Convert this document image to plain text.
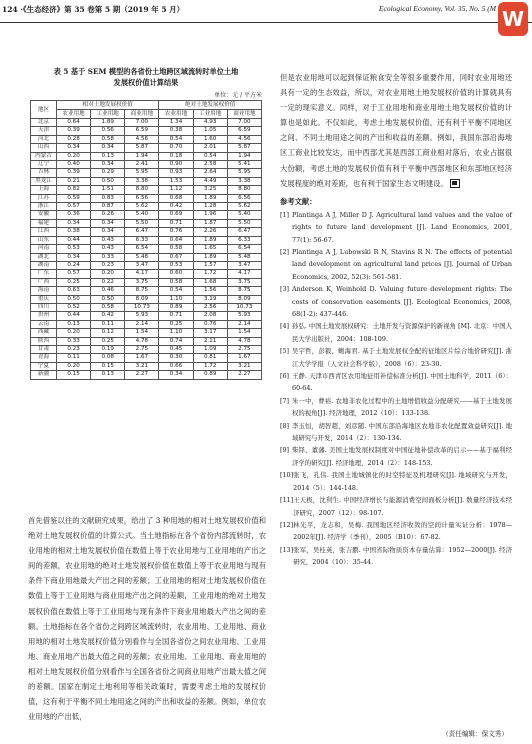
124 ·《生态经济》第 35 卷第 5 期（2019 年 5 月）	Ecological Economy, Vol. 35, No. 5 (M W
表 5 基于 SEM 模型的各省份土地跨区域流转时单位土地
发展权价值计算结果
单位：元 / 平方米
地区	相对土地发展权价值			绝对土地发展权价值		
	农业用地	工业用地	商业用地	农业用地	工业用地	商业用地
北京	0.64	1.89	7.00	1.34	4.93	7.00
天津	0.39	0.56	6.59	0.38	1.05	6.59
河北	0.28	0.58	4.56	0.54	1.60	4.56
山西	0.34	0.34	5.87	0.70	2.01	5.87
内蒙古	0.20	0.13	1.94	0.18	0.54	1.94
辽宁	0.40	0.34	2.41	0.90	2.58	5.41
吉林	0.39	0.29	5.95	0.93	2.64	5.95
黑龙江	0.21	0.50	3.38	1.53	4.49	3.38
上海	0.82	1.51	8.80	1.12	3.25	8.80
江苏	0.59	0.83	6.56	0.68	1.89	6.56
浙江	0.57	0.87	5.62	0.42	1.28	5.62
安徽	0.36	0.26	5.40	0.69	1.96	5.40
福建	0.34	0.34	5.50	0.71	1.87	5.50
江西	0.38	0.34	6.47	0.76	2.26	6.47
山东	0.44	0.43	6.33	0.64	1.89	6.33
河南	0.53	0.43	6.54	0.58	1.65	6.54
湖北	0.34	0.33	5.48	0.67	1.89	5.48
湖南	0.24	0.23	3.47	0.53	1.57	3.47
广东	0.57	0.20	4.17	0.60	1.72	4.17
广西	0.25	0.22	3.75	0.58	1.68	3.75
海南	0.63	0.46	8.75	0.54	1.56	8.75
重庆	0.50	0.50	8.09	1.10	3.19	8.09
四川	0.52	0.58	10.73	0.89	2.56	10.73
贵州	0.44	0.42	5.93	0.71	2.08	5.93
云南	0.13	0.11	2.14	0.25	0.76	2.14
西藏	0.20	0.12	1.54	1.10	3.17	1.54
陕西	0.33	0.25	4.78	0.74	2.11	4.78
甘肃	0.23	0.19	2.75	0.45	1.09	2.75
青海	0.11	0.08	1.67	0.30	0.81	1.67
宁夏	0.20	0.15	3.21	0.66	1.72	3.21
新疆	0.15	0.13	2.27	0.34	0.89	2.27
首先借鉴以往的文献研究成果，给出了 3 种用地的相对土地发展权价值和绝对土地发展权价值的计算公式。当土地指标在各个省份内部流转时，农业用地的相对土地发展权价值在数值上等于农业用地与工业用地的产出之间的差额，农业用地的绝对土地发展权价值在数值上等于农业用地与现有条件下商业用地最大产出之间的差额；工业用地的相对土地发展权价值在数值上等于工业用地与商业用地产出之间的差额，工业用地的绝对土地发展权价值在数值上等于工业用地与现有条件下商业用地最大产出之间的差额。土地指标在各个省份之间跨区域流转时，农业用地、工业用地、商业用地的相对土地发展权价值分别看作与全国各省份之间农业用地、工业用地、商业用地产出最大值之间的差额；农业用地、工业用地、商业用地的相对土地发展权价值分别看作与全国各省份之间商业用地产出最大值之间的差额。国家在制定土地利用等相关政策时，需要考虑土地的发展权价值，这有利于平衡不同土地用途之间的产出和收益的差额。例如，单位农业用地的产出低，
但是农业用地可以起到保证粮食安全等很多重要作用，同时农业用地还具有一定的生态效益，所以，对农业用地土地发展权价值的计算就具有一定的现实意义。同样，对于工业用地和商业用地土地发展权价值的计算也是如此。不仅如此，考虑土地发展权价值，还有利于平衡不同地区之间、不同土地用途之间的产出和收益的差额。例如，我国东部沿海地区工商业比较发达，而中西部尤其是西部工商业相对落后，农业占据很大份额，考虑土地的发展权价值有利于平衡中西部地区和东部地区经济发展程度的绝对差距，也有利于国家生态文明建设。
参考文献：
[1] Plantinga A J, Miller D J. Agricultural land values and the value of rights to future land development [J]. Land Economics, 2001, 77(1): 56-67.
[2] Plantinga A J, Lubowski R N, Stavins R N. The effects of potential land development on agricultural land prices [J]. Journal of Urban Economics, 2002, 52(3): 561-581.
[3] Anderson K, Weinhold D. Valuing future development rights: The costs of conservation easements [J]. Ecological Economics, 2008, 68(1-2): 437-446.
[4] 孙弘. 中国土地发展权研究：土地开发与资源保护的新视角 [M]. 北京：中国人民大学出版社，2004：108-109.
[5] 吴宇哲，彭毅，鲍海君. 基于土地发展权全配的征地区片综合地价研究[J]. 浙江大学学报（人文社会科学版），2008（6）：23-30.
[6] 王静. 天津市西青区农用地征用补偿标准分析[J]. 中国土地科学，2011（6）：60-64.
[7] 朱一中，曹裕. 农地非农化过程中的土地增值收益分配研究——基于土地发展权的视角[J]. 经济地理，2012（10）：133-138.
[8] 李玉恒，胡智超，刘彦随. 中国东部沿海地区农地非农化配置效益研究[J]. 地域研究与开发，2014（2）：130-134.
[9] 柴铎，董藩. 美国土地发展权制度对中国征地补偿改革的启示——基于福利经济学的研究[J]. 经济地理，2014（2）：148-153.
[10] 张飞，孔伟. 我国土地城镇化的时空特征及机理研究[J]. 地域研究与开发，2014（5）：144-148.
[11] 王天极，沈利生. 中国经济增长与能源消费空间面板分析[J]. 数量经济技术经济研究，2007（12）：98-107.
[12] 林光平，龙志和，吴梅. 我国地区经济收敛的空间计量实证分析：1978—2002年[J]. 经济学（季刊），2005（B10）：67-82.
[13] 张军，吴桂英，张吉鹏. 中国省际物质资本存量估算：1952—2000[J]. 经济研究，2004（10）：35-44.
（责任编辑：保文秀）
